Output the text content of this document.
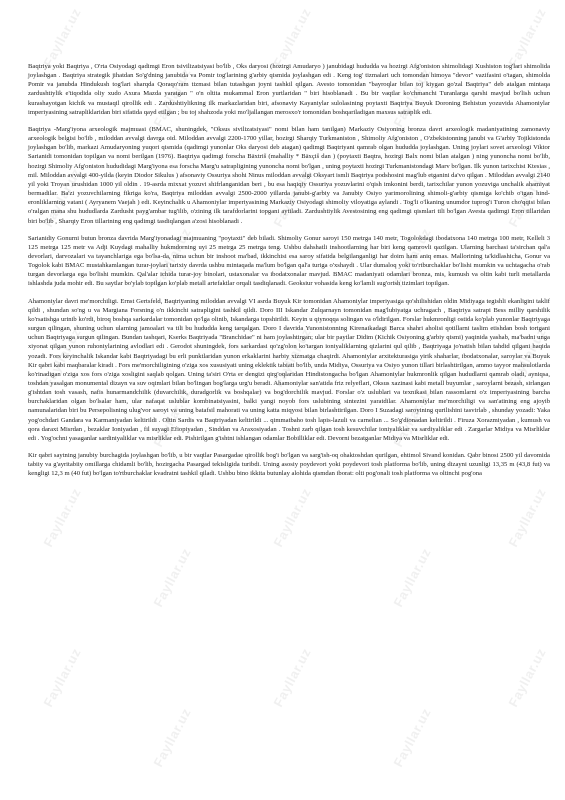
Fayllar.uz
Fayllar.uz
Fayllar.uz
Fayllar.uz
Fayllar.uz
Fayllar.uz
Fayllar.uz
Fayllar.uz
Fayllar.uz
Fayllar.uz
Fayllar.uz
Fayllar.uz
Fayllar.uz
Fayllar.uz
Fayllar.uz
Fayllar.uz
Fayllar.uz
Fayllar.uz
Fayllar.uz
Fayllar.uz
Fayllar.uz
Fayllar.uz
Fayllar.uz
Fayllar.uz
Fayllar.uz

Baqtriya yoki Baqtriya , O'rta Osiyodagi qadimgi Eron tsivilizatsiyasi bo'lib , Oks daryosi (hozirgi Amudaryo ) janubidagi hududda va hozirgi Afg'oniston shimolidagi Xushiston tog'lari shimolida joylashgan . Baqtriya strategik jihatdan So'g'dning janubida va Pomir tog'larining g'arbiy qismida joylashgan edi . Keng tog' tizmalari uch tomondan himoya "devor" vazifasini o'tagan, shimolda Pomir va janubda Hindukush tog'lari sharqda Qoraqo'ram tizmasi bilan tutashgan joyni tashkil qilgan. Avesto tomonidan "bayroqlar bilan toj kiygan go'zal Baqtriya" deb atalgan mintaqa zardushtiylik e'tiqodida oliy xudo Axura Mazda yaratgan " o'n oltita mukammal Eron yurtlaridan " biri hisoblanadi . Bu bir vaqtlar ko'chmanchi Turanlarga qarshi mavjud bo'lish uchun kurashayotgan kichik va mustaqil qirollik edi . Zardushtiylikning ilk markazlaridan biri, afsonaviy Kayaniylar sulolasining poytaxti Baqtriya Buyuk Doroning Behistun yozuvida Ahamoniylar imperiyasining satrapliklaridan biri sifatida qayd etilgan ; bu toj shahzoda yoki mo'ljallangan merosxo'r tomonidan boshqariladigan maxsus satraplik edi.

Baqtriya -Marg'iyona arxeologik majmuasi (BMAC, shuningdek, "Oksus sivilizatsiyasi" nomi bilan ham tanilgan) Markaziy Osiyoning bronza davri arxeologik madaniyatining zamonaviy arxeologik belgisi bo'lib , miloddan avvalgi davrga oid. Miloddan avvalgi 2200-1700 yillar, hozirgi Sharqiy Turkmaniston , Shimoliy Afg'oniston , O'zbekistonning janubi va G'arbiy Tojikistonda joylashgan bo'lib, markazi Amudaryoning yuqori qismida (qadimgi yunonlar Oks daryosi deb atagan) qadimgi Baqtriyani qamrab olgan hududda joylashgan. Uning joylari sovet arxeologi Viktor Sarianidi tomonidan topilgan va nomi berilgan (1976). Baqtriya qadimgi forscha Bāxtriš (mahalliy * Bāxçiš dan ) (poytaxti Baqtra, hozirgi Balx nomi bilan atalgan ) ning yunoncha nomi bo'lib, hozirgi Shimoliy Afg'oniston hududidagi Marg'iyona esa forscha Marg'u satrapligining yunoncha nomi bo'lgan , uning poytaxti hozirgi Turkmanistondagi Marv bo'lgan. Ilk yunon tarixchisi Ktesias , mil. Miloddan avvalgi 400-yilda (keyin Diodor Sikulus ) afsonaviy Ossuriya shohi Ninus miloddan avvalgi Oksyart ismli Baqtriya podshosini mag'lub etganini da'vo qilgan . Miloddan avvalgi 2140 yil yoki Troyan urushidan 1000 yil oldin . 19-asrda mixxat yozuvi shifrlanganidan beri , bu esa haqiqiy Ossuriya yozuvlarini o'qish imkonini berdi, tarixchilar yunon yozuviga unchalik ahamiyat bermadilar. Ba'zi yozuvchilarning fikriga ko'ra, Baqtriya miloddan avvalgi 2500-2000 yillarda janubi-g'arbiy va Janubiy Osiyo yarimorolining shimoli-g'arbiy qismiga ko'chib o'tgan hind-eronliklarning vatani ( Ayryanem Vaejah ) edi. Keyinchalik u Ahamoniylar imperiyasining Markaziy Osiyodagi shimoliy viloyatiga aylandi . Tog'li o'lkaning unumdor tuprog'i Turon cho'qqisi bilan o'ralgan mana shu hududlarda Zardusht payg'ambar tug'ilib, o'zining ilk tarafdorlarini topgani aytiladi. Zardushtiylik Avestosining eng qadimgi qismlari tili bo'lgan Avesta qadimgi Eron tillaridan biri bo'lib , Sharqiy Eron tillarining eng qadimgi tasdiqlangan a'zosi hisoblanadi .

Sarianidiy Gonurni butun bronza davrida Marg'iyonadagi majmuaning "poytaxti" deb biladi. Shimoliy Gonur saroyi 150 metrga 140 metr, Togolokdagi ibodatxona 140 metrga 100 metr, Kelleli 3 125 metrga 125 metr va Adji Kuydagi mahalliy hukmdorning uyi 25 metrga 25 metrga teng. Ushbu dahshatli inshootlarning har biri keng qamrovli qazilgan. Ularning barchasi ta'sirchan qal'a devorlari, darvozalari va tayanchlariga ega bo'lsa-da, nima uchun bir inshoot ma'bad, ikkinchisi esa saroy sifatida belgilanganligi har doim ham aniq emas. Mallorining ta'kidlashicha, Gonur va Togolok kabi BMAC mustahkamlangan turar-joylari tarixiy davrda ushbu mintaqada ma'lum bo'lgan qal'a turiga o'xshaydi . Ular dumaloq yoki to'rtburchaklar bo'lishi mumkin va uchtagacha o'rab turgan devorlarga ega bo'lishi mumkin. Qal'alar ichida turar-joy binolari, ustaxonalar va ibodatxonalar mavjud. BMAC madaniyati odamlari bronza, mis, kumush va oltin kabi turli metallarda ishlashda juda mohir edi. Bu saytlar bo'ylab topilgan ko'plab metall artefaktlar orqali tasdiqlanadi. Geoksiur vohasida keng ko'lamli sug'orish tizimlari topilgan.

Ahamoniylar davri me'morchiligi. Ernst Gertsfeld, Baqtriyaning miloddan avvalgi VI asrda Buyuk Kir tomonidan Ahamoniylar imperiyasiga qo'shilishidan oldin Midiyaga tegishli ekanligini taklif qildi , shundan so'ng u va Margiana Forsning o'n ikkinchi satrapligini tashkil qildi. Doro III Iskandar Zulqarnayn tomonidan mag'lubiyatga uchragach , Baqtriya satrapi Bess milliy qarshilik ko'rsatishga urinib ko'rdi, biroq boshqa sarkardalar tomonidan qo'lga olinib, Iskandarga topshirildi. Keyin u qiynoqqa solingan va o'ldirilgan. Forslar hukmronligi ostida ko'plab yunonlar Baqtriyaga surgun qilingan, shuning uchun ularning jamoalari va tili bu hududda keng tarqalgan. Doro I davrida Yunonistonning Kirenaikadagi Barca shahri aholisi qotillarni taslim etishdan bosh tortgani uchun Baqtriyaga surgun qilingan. Bundan tashqari, Kserks Baqtriyada "Branchidae" ni ham joylashtirgan; ular bir paytlar Didim (Kichik Osiyoning g'arbiy qismi) yaqinida yashab, ma'badni unga xiyonat qilgan yunon ruhoniylarining avlodlari edi . Gerodot shuningdek, fors sarkardasi qo'zg'olon ko'targan ioniyaliklarning qizlarini qul qilib , Baqtriyaga jo'natish bilan tahdid qilgani haqida yozadi. Fors keyinchalik Iskandar kabi Baqtriyadagi bu erli punktlaridan yunon erkaklarini harbiy xizmatga chaqirdi. Ahamoniylar arxitekturasiga yirik shaharlar, ibodatxonalar, saroylar va Buyuk Kir qabri kabi maqbaralar kiradi . Fors me'morchiligining o'ziga xos xususiyati uning eklektik tabiati bo'lib, unda Midiya, Ossuriya va Osiyo yunon tillari birlashtirilgan, ammo tayyor mahsulotlarda ko'rinadigan o'ziga xos fors o'ziga xosligini saqlab qolgan. Uning ta'siri O'rta er dengizi qirg'oqlaridan Hindistongacha bo'lgan Ahamoniylar hukmronlik qilgan hududlarni qamrab oladi, ayniqsa, toshdan yasalgan monumental dizayn va suv oqimlari bilan bo'lingan bog'larga urg'u beradi. Ahamoniylar san'atida friz relyeflari, Oksus xazinasi kabi metall buyumlar , saroylarni bezash, sirlangan g'ishtdan tosh vasash, nafis hunarmandchilik (duvarchilik, duradgorlik va boshqalar) va bog'dorchilik mavjud. Forslar o'z uslublari va texnikasi bilan rassomlarni o'z imperiyasining barcha burchaklaridan olgan bo'lsalar ham, ular nafaqat uslublar kombinatsiyasini, balki yangi noyob fors uslubining sintezini yaratdilar. Ahamoniylar me'morchiligi va san'atining eng ajoyib namunalaridan biri bu Persepolisning ulug'vor saroyi va uning batafsil mahorati va uning katta miqyosi bilan birlashtirilgan. Doro I Suzadagi saroyining qurilishini tasvirlab , shunday yozadi: Yaka yog'ochdari Gandara va Karmaniyadan keltirildi . Oltin Sardis va Baqtriyadan keltirildi ... qimmatbaho tosh lapis-lazuli va carnelian ... So'g'dionadan keltirildi . Firuza Xorazmiyadan , kumush va qora daraxt Misrdan , bezaklar Ioniyadan , fil suyagi Efiopiyadan , Sinddan va Araxosiyadan . Toshni zarb qilgan tosh kesuvchilar ioniyaliklar va sardiyaliklar edi . Zargarlar Midiya va Misrliklar edi . Yog'ochni yasaganlar sardiniyaliklar va misrliklar edi. Pishirilgan g'ishtni ishlangan odamlar Bobilliklar edi. Devorni bezatganlar Midiya va Misrliklar edi.

Kir qabri saytning janubiy burchagida joylashgan bo'lib, u bir vaqtlar Pasargadae qirollik bog'i bo'lgan va sarg'ish-oq ohaktoshdan qurilgan, ehtimol Sivand konidan. Qabr binosi 2500 yil davomida tabiiy va g'ayritabiiy omillarga chidamli bo'lib, hozirgacha Pasargad tekisligida turibdi. Uning asosiy poydevori yoki poydevori tosh platforma bo'lib, uning dizayni uzunligi 13,35 m (43,8 fut) va kengligi 12,3 m (40 fut) bo'lgan to'rtburchaklar kvadratni tashkil qiladi. Ushbu bino ikkita butunlay alohida qismdan iborat: olti pog'onali tosh platforma va oltinchi pog'ona
